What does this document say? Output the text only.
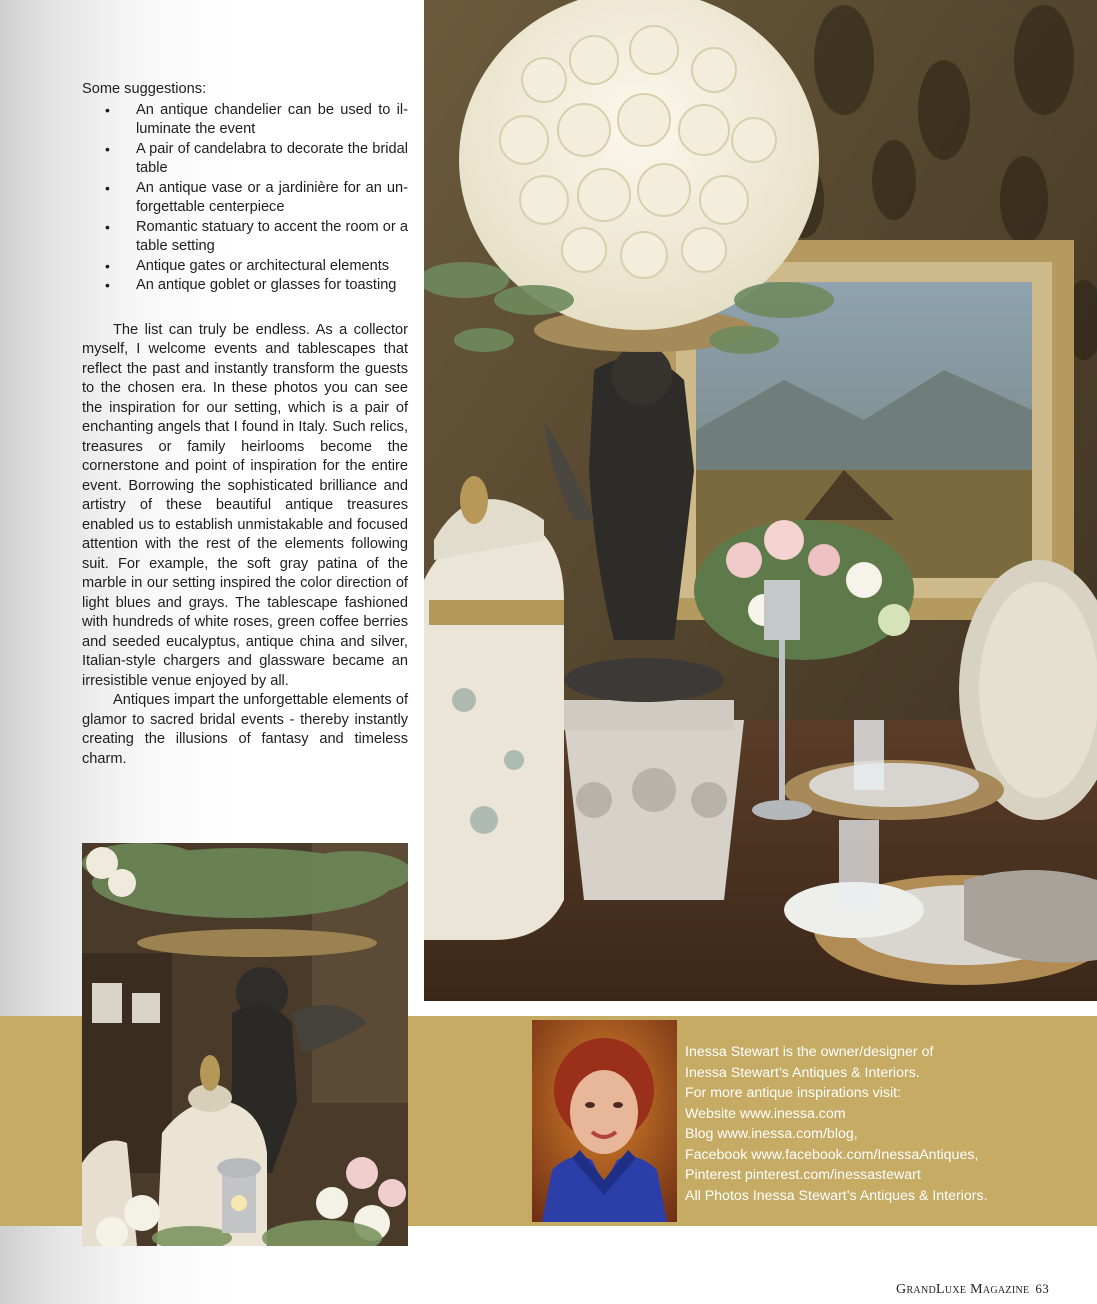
Some suggestions:

• An antique chandelier can be used to il-luminate the event
• A pair of candelabra to decorate the bridal table
• An antique vase or a jardinière for an un-forgettable centerpiece
• Romantic statuary to accent the room or a table setting
• Antique gates or architectural elements
• An antique goblet or glasses for toasting

The list can truly be endless. As a collector myself, I welcome events and tablescapes that reflect the past and instantly transform the guests to the chosen era. In these photos you can see the inspiration for our setting, which is a pair of enchanting angels that I found in Italy. Such relics, treasures or family heirlooms become the cornerstone and point of inspiration for the entire event. Borrowing the sophisticated brilliance and artistry of these beautiful antique treasures enabled us to establish unmistakable and focused attention with the rest of the elements following suit. For example, the soft gray patina of the marble in our setting inspired the color direction of light blues and grays. The tablescape fashioned with hundreds of white roses, green coffee berries and seeded eucalyptus, antique china and silver, Italian-style chargers and glassware became an irresistible venue enjoyed by all.

Antiques impart the unforgettable elements of glamor to sacred bridal events - thereby instantly creating the illusions of fantasy and timeless charm.

Inessa Stewart is the owner/designer of
Inessa Stewart’s Antiques & Interiors.
For more antique inspirations visit:
Website www.inessa.com
Blog www.inessa.com/blog,
Facebook www.facebook.com/InessaAntiques,
Pinterest pinterest.com/inessastewart
All Photos Inessa Stewart’s Antiques & Interiors.
GrandLuxe Magazine 63
